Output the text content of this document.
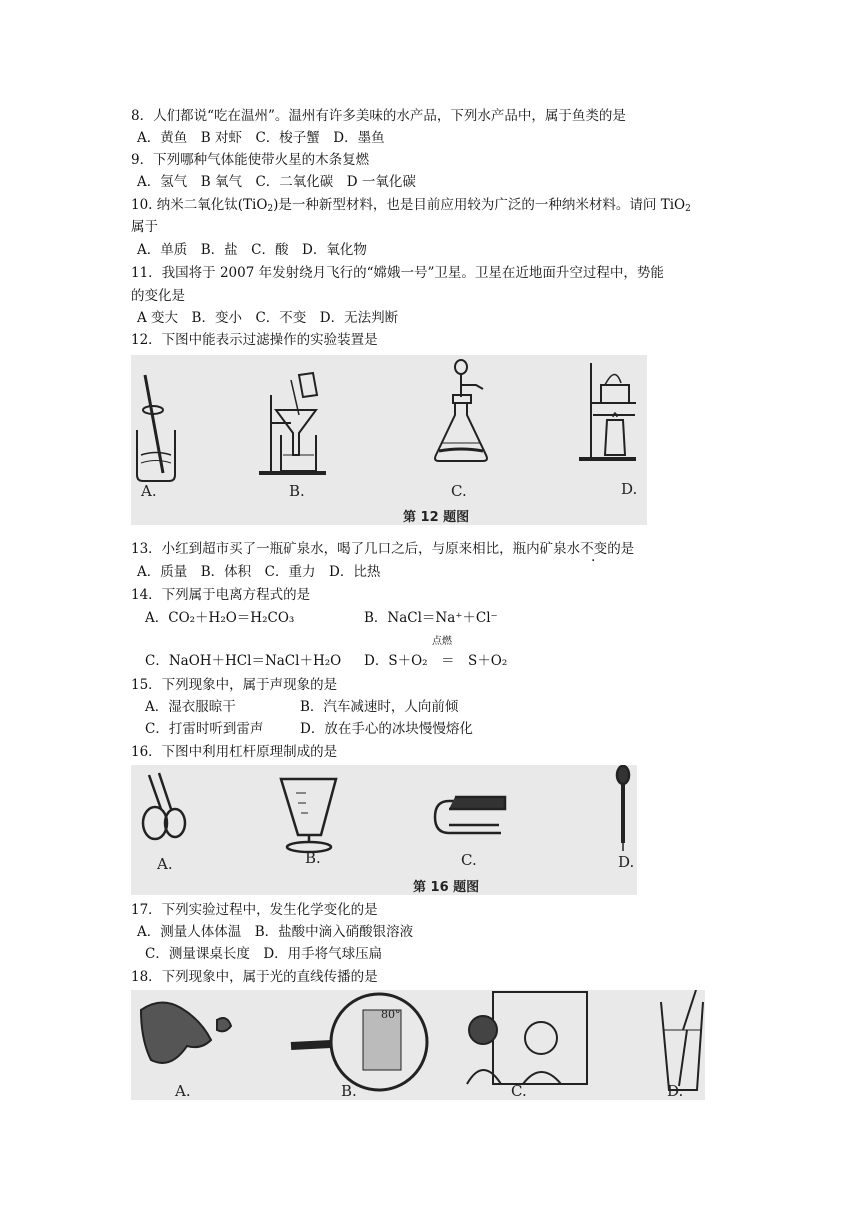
8．人们都说“吃在温州”。温州有许多美味的水产品，下列水产品中，属于鱼类的是
A．黄鱼　B 对虾　C．梭子蟹　D．墨鱼
9．下列哪种气体能使带火星的木条复燃
A．氢气　B 氧气　C．二氧化碳　D 一氧化碳
10. 纳米二氧化钛(TiO$_2$)是一种新型材料，也是目前应用较为广泛的一种纳米材料。请问 TiO$_2$
属于
A．单质　B．盐　C．酸　D．氧化物
11．我国将于 2007 年发射绕月飞行的“嫦娥一号”卫星。卫星在近地面升空过程中，势能
的变化是
A 变大　B．变小　C．不变　D．无法判断
12．下图中能表示过滤操作的实验装置是
A.	B.	C.	D.
第 12 题图
13．小红到超市买了一瓶矿泉水，喝了几口之后，与原来相比，瓶内矿泉水不变的是
A．质量　B．体积　C．重力　D．比热
14．下列属于电离方程式的是
A．CO₂＋H₂O＝H₂CO₃	B．NaCl＝Na⁺＋Cl⁻
点燃
C．NaOH＋HCl＝NaCl＋H₂O D．S＋O₂　＝　S＋O₂
15．下列现象中，属于声现象的是
A．湿衣服晾干	B．汽车减速时，人向前倾
C．打雷时听到雷声	D．放在手心的冰块慢慢熔化
16．下图中利用杠杆原理制成的是
A.	B.	C.	D.
第 16 题图
17．下列实验过程中，发生化学变化的是
A．测量人体体温　B．盐酸中滴入硝酸银溶液
C．测量课桌长度　D．用手将气球压扁
18．下列现象中，属于光的直线传播的是
80°
A.	B.	C.	D.
